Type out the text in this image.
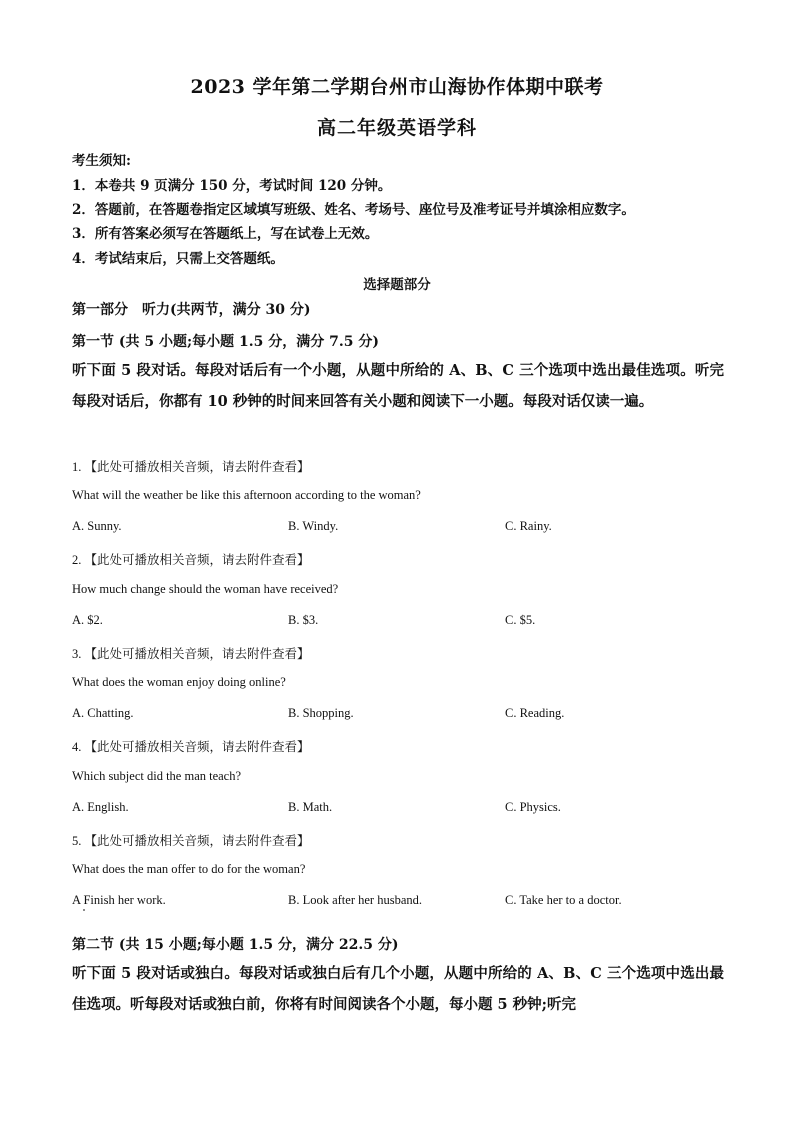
2023 学年第二学期台州市山海协作体期中联考
高二年级英语学科
考生须知:
1．本卷共 9 页满分 150 分，考试时间 120 分钟。
2．答题前，在答题卷指定区域填写班级、姓名、考场号、座位号及准考证号并填涂相应数字。
3．所有答案必须写在答题纸上，写在试卷上无效。
4．考试结束后，只需上交答题纸。
选择题部分
第一部分　听力(共两节，满分 30 分)
第一节 (共 5 小题;每小题 1.5 分，满分 7.5 分)
听下面 5 段对话。每段对话后有一个小题，从题中所给的 A、B、C 三个选项中选出最佳选项。听完每段对话后，你都有 10 秒钟的时间来回答有关小题和阅读下一小题。每段对话仅读一遍。
1. 【此处可播放相关音频，请去附件查看】
What will the weather be like this afternoon according to the woman?
A. Sunny.	B. Windy.	C. Rainy.
2. 【此处可播放相关音频，请去附件查看】
How much change should the woman have received?
A. $2.	B. $3.	C. $5.
3. 【此处可播放相关音频，请去附件查看】
What does the woman enjoy doing online?
A. Chatting.	B. Shopping.	C. Reading.
4. 【此处可播放相关音频，请去附件查看】
Which subject did the man teach?
A. English.	B. Math.	C. Physics.
5. 【此处可播放相关音频，请去附件查看】
What does the man offer to do for the woman?
A Finish her work.	B. Look after her husband.	C. Take her to a doctor.
第二节 (共 15 小题;每小题 1.5 分，满分 22.5 分)
听下面 5 段对话或独白。每段对话或独白后有几个小题，从题中所给的 A、B、C 三个选项中选出最佳选项。听每段对话或独白前，你将有时间阅读各个小题，每小题 5 秒钟;听完
